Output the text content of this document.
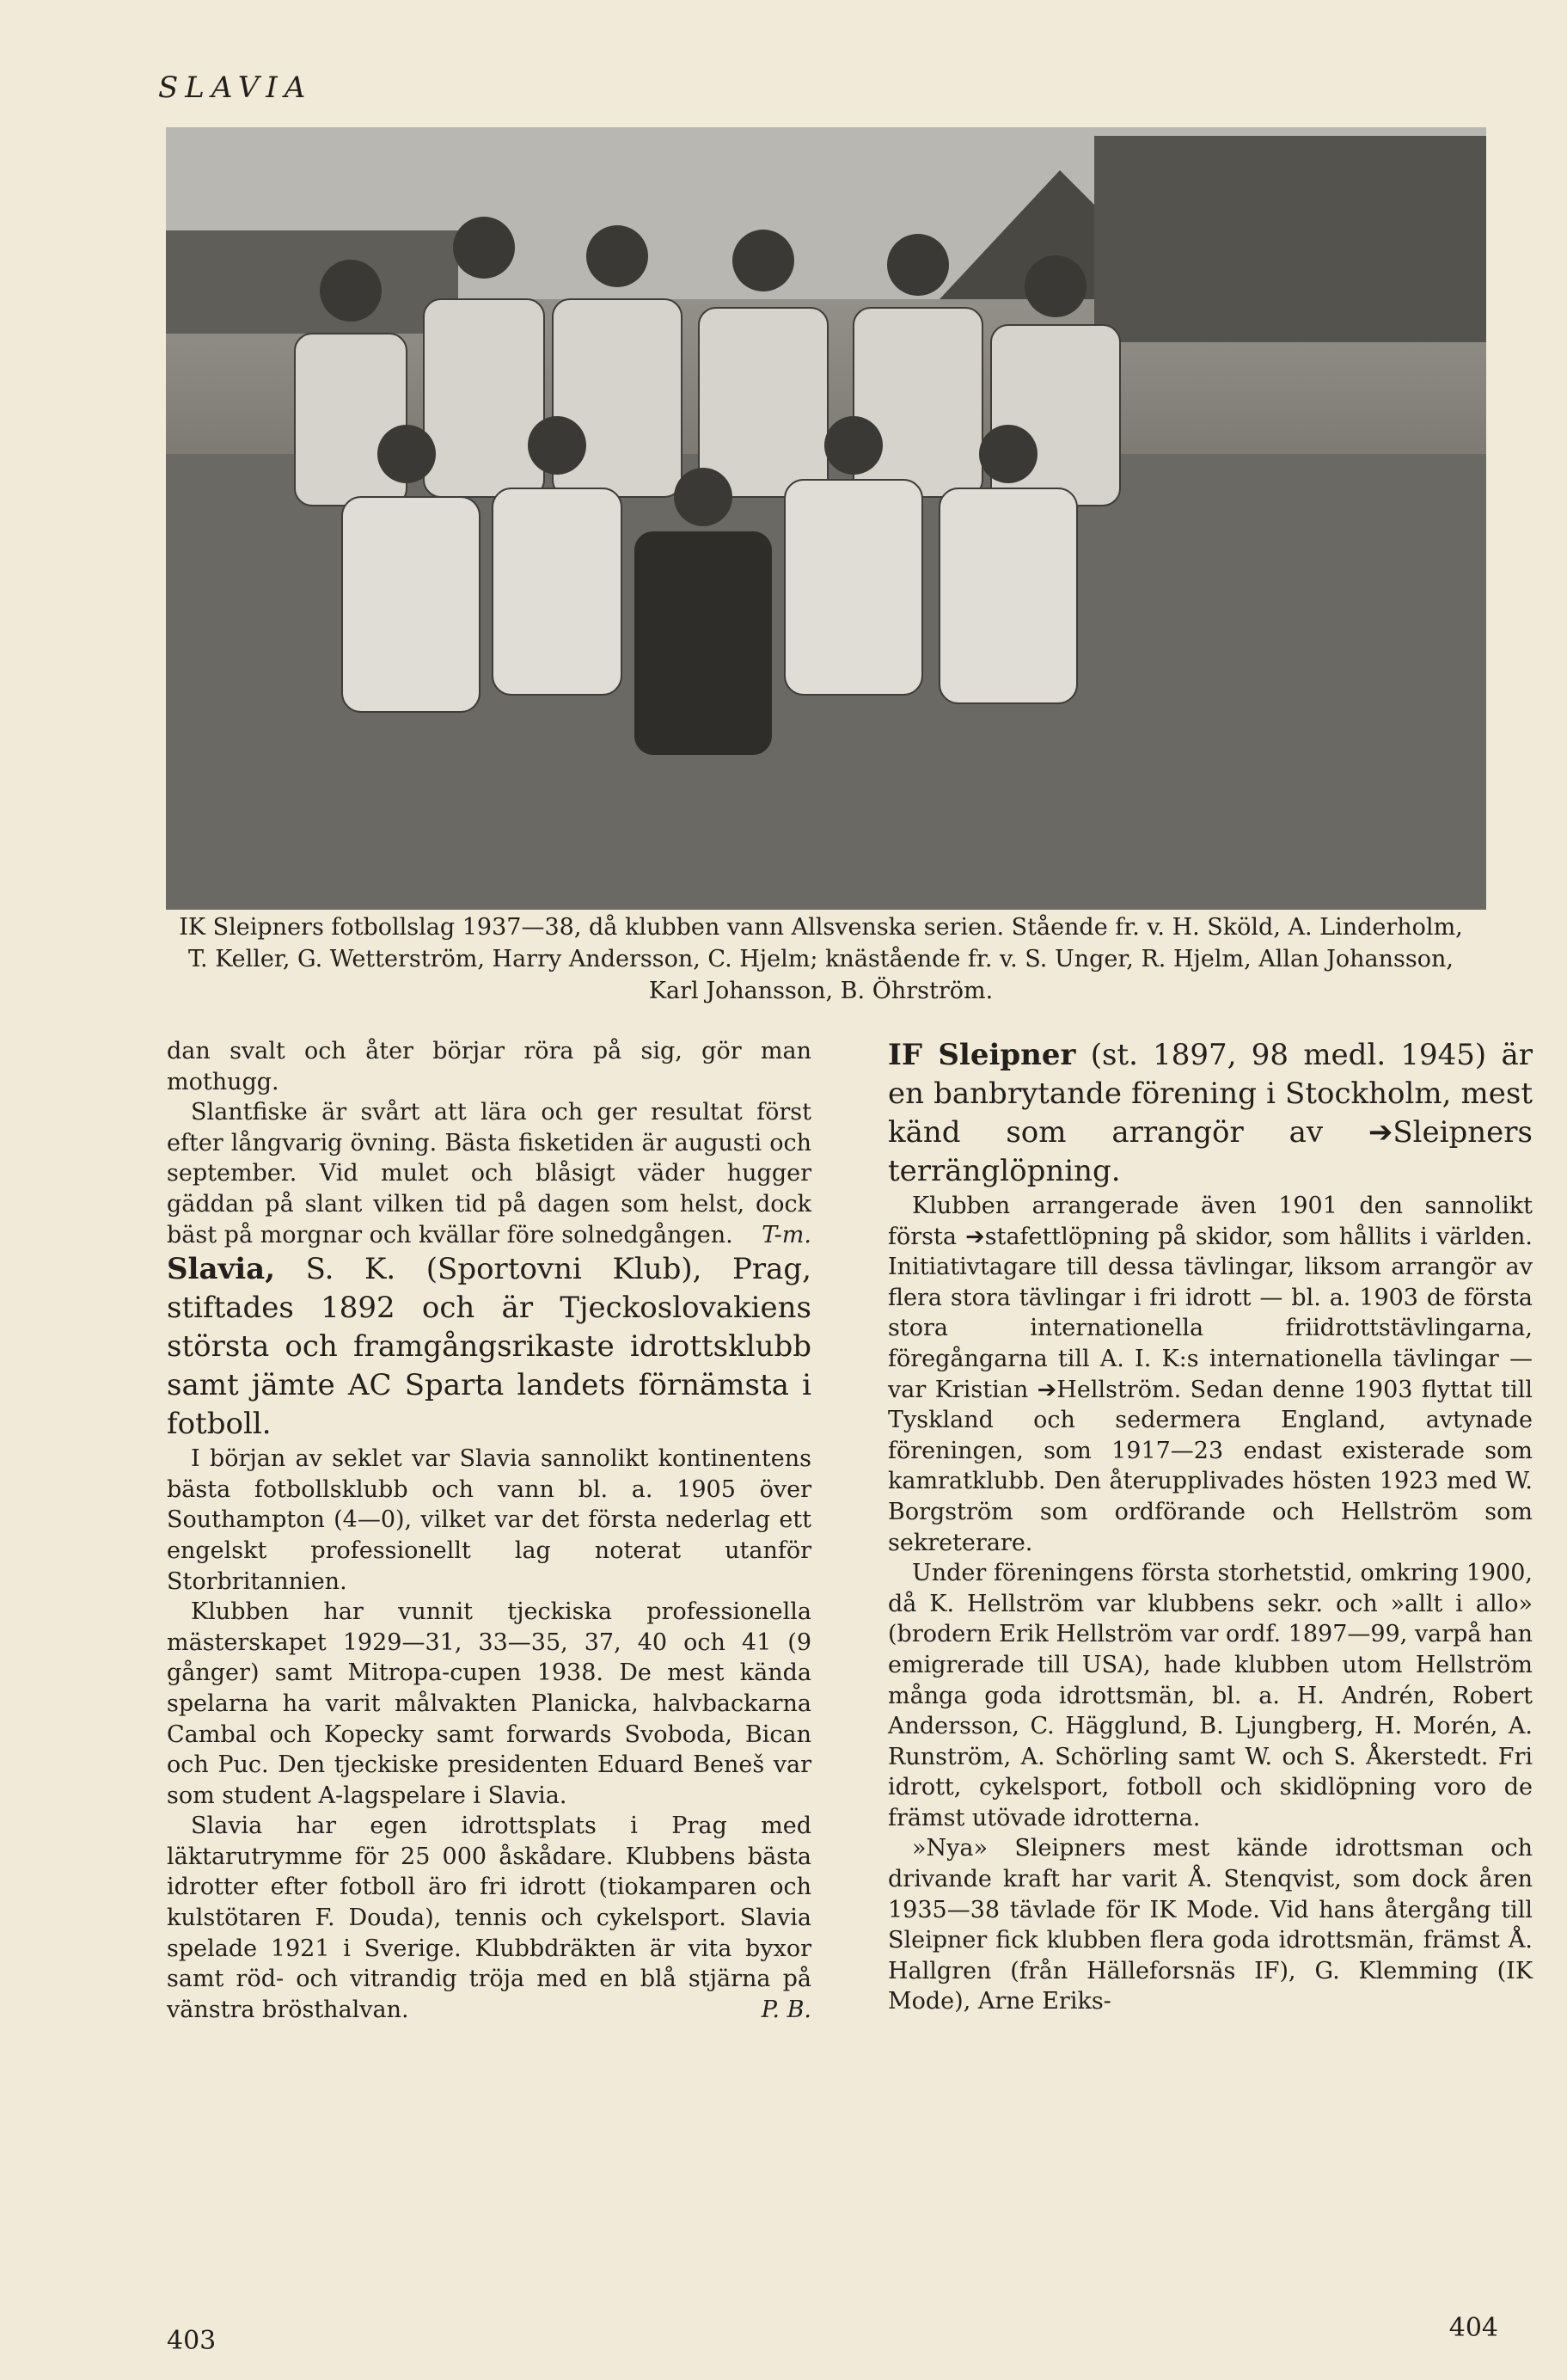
SLAVIA
IK Sleipners fotbollslag 1937—38, då klubben vann Allsvenska serien. Stående fr. v. H. Sköld, A. Linderholm, T. Keller, G. Wetterström, Harry Andersson, C. Hjelm; knästående fr. v. S. Unger, R. Hjelm, Allan Johansson, Karl Johansson, B. Öhrström.

dan svalt och åter börjar röra på sig, gör man mothugg.

Slantfiske är svårt att lära och ger resultat först efter långvarig övning. Bästa fisketiden är augusti och september. Vid mulet och blåsigt väder hugger gäddan på slant vilken tid på dagen som helst, dock bäst på morgnar och kvällar före solnedgången.	T-m.

Slavia, S. K. (Sportovni Klub), Prag, stiftades 1892 och är Tjeckoslovakiens största och framgångsrikaste idrottsklubb samt jämte AC Sparta landets förnämsta i fotboll.

I början av seklet var Slavia sannolikt kontinentens bästa fotbollsklubb och vann bl. a. 1905 över Southampton (4—0), vilket var det första nederlag ett engelskt professionellt lag noterat utanför Storbritannien.

Klubben har vunnit tjeckiska professionella mästerskapet 1929—31, 33—35, 37, 40 och 41 (9 gånger) samt Mitropa-cupen 1938. De mest kända spelarna ha varit målvakten Planicka, halvbackarna Cambal och Kopecky samt forwards Svoboda, Bican och Puc. Den tjeckiske presidenten Eduard Beneš var som student A-lagspelare i Slavia.

Slavia har egen idrottsplats i Prag med läktarutrymme för 25 000 åskådare. Klubbens bästa idrotter efter fotboll äro fri idrott (tiokamparen och kulstötaren F. Douda), tennis och cykelsport. Slavia spelade 1921 i Sverige. Klubbdräkten är vita byxor samt röd- och vitrandig tröja med en blå stjärna på vänstra brösthalvan.	P. B.

IF Sleipner (st. 1897, 98 medl. 1945) är en banbrytande förening i Stockholm, mest känd som arrangör av ➔Sleipners terränglöpning.

Klubben arrangerade även 1901 den sannolikt första ➔stafettlöpning på skidor, som hållits i världen. Initiativtagare till dessa tävlingar, liksom arrangör av flera stora tävlingar i fri idrott — bl. a. 1903 de första stora internationella friidrottstävlingarna, föregångarna till A. I. K:s internationella tävlingar — var Kristian ➔Hellström. Sedan denne 1903 flyttat till Tyskland och sedermera England, avtynade föreningen, som 1917—23 endast existerade som kamratklubb. Den återupplivades hösten 1923 med W. Borgström som ordförande och Hellström som sekreterare.

Under föreningens första storhetstid, omkring 1900, då K. Hellström var klubbens sekr. och »allt i allo» (brodern Erik Hellström var ordf. 1897—99, varpå han emigrerade till USA), hade klubben utom Hellström många goda idrottsmän, bl. a. H. Andrén, Robert Andersson, C. Hägglund, B. Ljungberg, H. Morén, A. Runström, A. Schörling samt W. och S. Åkerstedt. Fri idrott, cykelsport, fotboll och skidlöpning voro de främst utövade idrotterna.

»Nya» Sleipners mest kände idrottsman och drivande kraft har varit Å. Stenqvist, som dock åren 1935—38 tävlade för IK Mode. Vid hans återgång till Sleipner fick klubben flera goda idrottsmän, främst Å. Hallgren (från Hälleforsnäs IF), G. Klemming (IK Mode), Arne Eriks-

403	404
